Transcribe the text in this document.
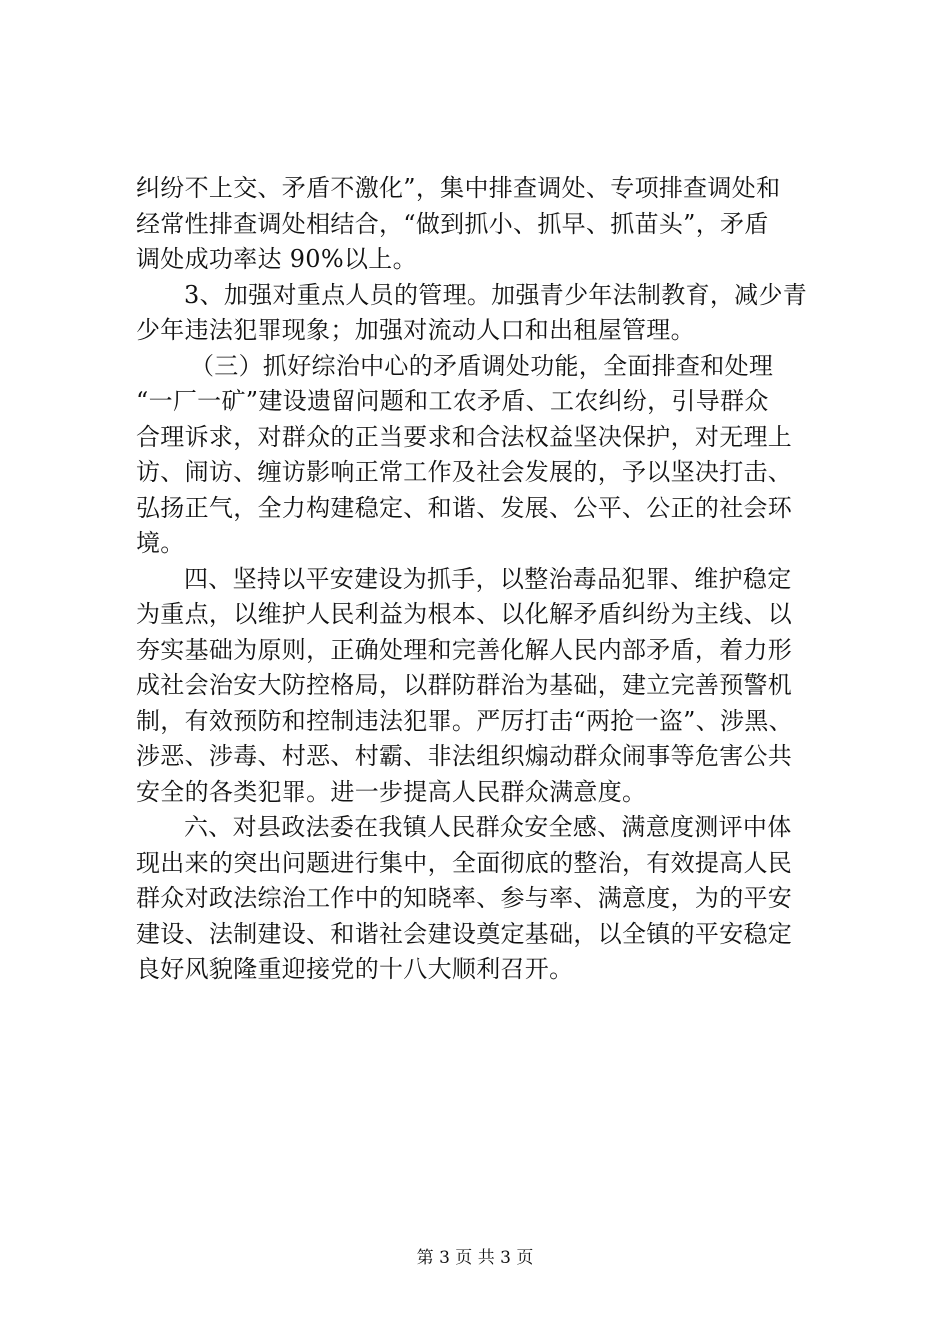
纠纷不上交、矛盾不激化”，集中排查调处、专项排查调处和
经常性排查调处相结合，“做到抓小、抓早、抓苗头”，矛盾
调处成功率达 90%以上。
3、加强对重点人员的管理。加强青少年法制教育，减少青
少年违法犯罪现象；加强对流动人口和出租屋管理。
（三）抓好综治中心的矛盾调处功能，全面排查和处理
“一厂一矿”建设遗留问题和工农矛盾、工农纠纷，引导群众
合理诉求，对群众的正当要求和合法权益坚决保护，对无理上
访、闹访、缠访影响正常工作及社会发展的，予以坚决打击、
弘扬正气，全力构建稳定、和谐、发展、公平、公正的社会环
境。
四、坚持以平安建设为抓手，以整治毒品犯罪、维护稳定
为重点，以维护人民利益为根本、以化解矛盾纠纷为主线、以
夯实基础为原则，正确处理和完善化解人民内部矛盾，着力形
成社会治安大防控格局，以群防群治为基础，建立完善预警机
制，有效预防和控制违法犯罪。严厉打击“两抢一盗”、涉黑、
涉恶、涉毒、村恶、村霸、非法组织煽动群众闹事等危害公共
安全的各类犯罪。进一步提高人民群众满意度。
六、对县政法委在我镇人民群众安全感、满意度测评中体
现出来的突出问题进行集中，全面彻底的整治，有效提高人民
群众对政法综治工作中的知晓率、参与率、满意度，为的平安
建设、法制建设、和谐社会建设奠定基础，以全镇的平安稳定
良好风貌隆重迎接党的十八大顺利召开。
第 3 页 共 3 页
